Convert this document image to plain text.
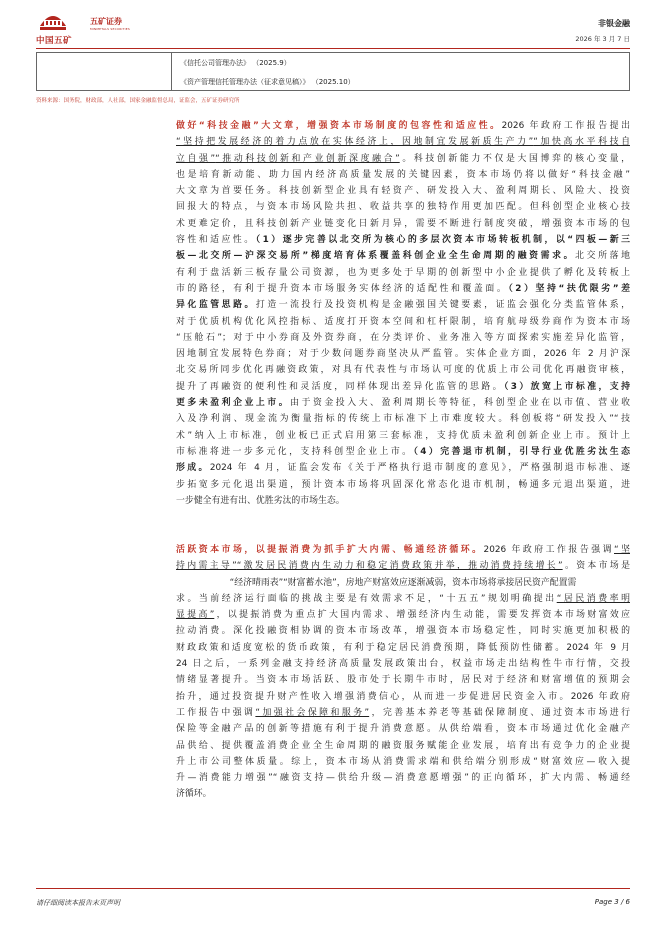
中国五矿
五矿证券
MINMETALS SECURITIES
非银金融
2026 年 3 月 7 日
《信托公司管理办法》 （2025.9）
《资产管理信托管理办法（征求意见稿）》 （2025.10）
资料来源：国务院，财政部，人社部，国家金融监督总局，证监会，五矿证券研究所
做好“科技金融”大文章，增强资本市场制度的包容性和适应性。2026 年政府工作报告提出
“坚持把发展经济的着力点放在实体经济上，因地制宜发展新质生产力”“加快高水平科技自
立自强”“推动科技创新和产业创新深度融合”。科技创新能力不仅是大国博弈的核心变量，
也是培育新动能、助力国内经济高质量发展的关键因素，资本市场仍将以做好“科技金融”
大文章为首要任务。科技创新型企业具有轻资产、研发投入大、盈利周期长、风险大、投资
回报大的特点，与资本市场风险共担、收益共享的独特作用更加匹配。但科创型企业核心技
术更难定价，且科技创新产业链变化日新月异，需要不断进行制度突破，增强资本市场的包
容性和适应性。（1）逐步完善以北交所为核心的多层次资本市场转板机制，以“四板—新三
板—北交所—沪深交易所”梯度培育体系覆盖科创企业全生命周期的融资需求。北交所落地
有利于盘活新三板存量公司资源，也为更多处于早期的创新型中小企业提供了孵化及转板上
市的路径，有利于提升资本市场服务实体经济的适配性和覆盖面。（2）坚持“扶优限劣”差
异化监管思路。打造一流投行及投资机构是金融强国关键要素，证监会强化分类监管体系，
对于优质机构优化风控指标、适度打开资本空间和杠杆限制，培育航母级券商作为资本市场
“压舱石”；对于中小券商及外资券商，在分类评价、业务准入等方面探索实施差异化监管，
因地制宜发展特色券商；对于少数问题券商坚决从严监管。实体企业方面，2026 年 2 月沪深
北交易所同步优化再融资政策，对具有代表性与市场认可度的优质上市公司优化再融资审核，
提升了再融资的便利性和灵活度，同样体现出差异化监管的思路。（3）放宽上市标准，支持
更多未盈利企业上市。由于资金投入大、盈利周期长等特征，科创型企业在以市值、营业收
入及净利润、现金流为衡量指标的传统上市标准下上市难度较大。科创板将“研发投入”“技
术”纳入上市标准，创业板已正式启用第三套标准，支持优质未盈利创新企业上市。预计上
市标准将进一步多元化，支持科创型企业上市。（4）完善退市机制，引导行业优胜劣汰生态
形成。2024 年 4 月，证监会发布《关于严格执行退市制度的意见》，严格强制退市标准、逐
步拓宽多元化退出渠道，预计资本市场将巩固深化常态化退市机制，畅通多元退出渠道，进
一步健全有进有出、优胜劣汰的市场生态。
活跃资本市场，以提振消费为抓手扩大内需、畅通经济循环。2026 年政府工作报告强调“坚
持内需主导”“激发居民消费内生动力和稳定消费政策并举，推动消费持续增长”。资本市场是
“经济晴雨表”“财富蓄水池”，房地产财富效应逐渐减弱，资本市场将承接居民资产配置需
求。当前经济运行面临的挑战主要是有效需求不足，“十五五”规划明确提出“居民消费率明
显提高”，以提振消费为重点扩大国内需求、增强经济内生动能，需要发挥资本市场财富效应
拉动消费。深化投融资相协调的资本市场改革，增强资本市场稳定性，同时实施更加积极的
财政政策和适度宽松的货币政策，有利于稳定居民消费预期，降低预防性储蓄。2024 年 9 月
24 日之后，一系列金融支持经济高质量发展政策出台，权益市场走出结构性牛市行情，交投
情绪显著提升。当资本市场活跃、股市处于长期牛市时，居民对于经济和财富增值的预期会
抬升，通过投资提升财产性收入增强消费信心，从而进一步促进居民资金入市。2026 年政府
工作报告中强调“加强社会保障和服务”，完善基本养老等基础保障制度、通过资本市场进行
保险等金融产品的创新等措施有利于提升消费意愿。从供给端看，资本市场通过优化金融产
品供给、提供覆盖消费企业全生命周期的融资服务赋能企业发展，培育出有竞争力的企业提
升上市公司整体质量。综上，资本市场从消费需求端和供给端分别形成“财富效应—收入提
升—消费能力增强”“融资支持—供给升级—消费意愿增强”的正向循环，扩大内需、畅通经
济循环。
请仔细阅读本报告末页声明	Page 3 / 6
